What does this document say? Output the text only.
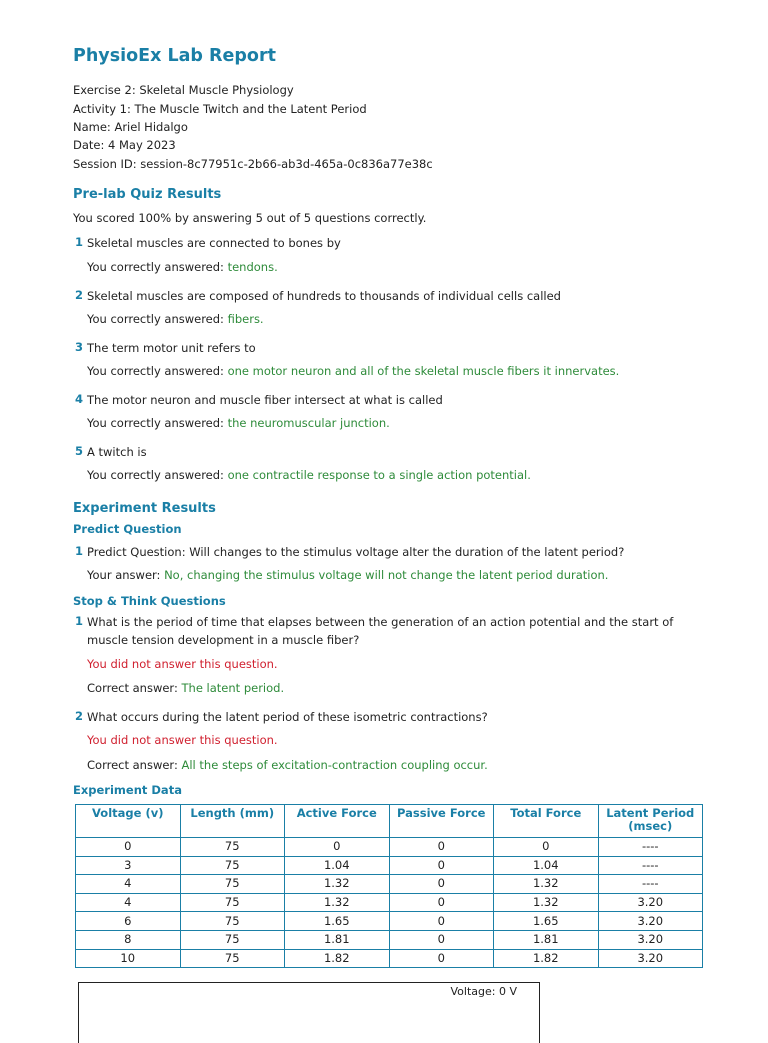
PhysioEx Lab Report
Exercise 2: Skeletal Muscle Physiology
Activity 1: The Muscle Twitch and the Latent Period
Name: Ariel Hidalgo
Date: 4 May 2023
Session ID: session-8c77951c-2b66-ab3d-465a-0c836a77e38c
Pre-lab Quiz Results
You scored 100% by answering 5 out of 5 questions correctly.
1 Skeletal muscles are connected to bones by
You correctly answered: tendons.
2 Skeletal muscles are composed of hundreds to thousands of individual cells called
You correctly answered: fibers.
3 The term motor unit refers to
You correctly answered: one motor neuron and all of the skeletal muscle fibers it innervates.
4 The motor neuron and muscle fiber intersect at what is called
You correctly answered: the neuromuscular junction.
5 A twitch is
You correctly answered: one contractile response to a single action potential.
Experiment Results
Predict Question
1 Predict Question: Will changes to the stimulus voltage alter the duration of the latent period?
Your answer: No, changing the stimulus voltage will not change the latent period duration.
Stop & Think Questions
1 What is the period of time that elapses between the generation of an action potential and the start of muscle tension development in a muscle fiber?
You did not answer this question.
Correct answer: The latent period.
2 What occurs during the latent period of these isometric contractions?
You did not answer this question.
Correct answer: All the steps of excitation-contraction coupling occur.
Experiment Data
Voltage (v)	Length (mm)	Active Force	Passive Force	Total Force	Latent Period (msec)
0	75	0	0	0	----
3	75	1.04	0	1.04	----
4	75	1.32	0	1.32	----
4	75	1.32	0	1.32	3.20
6	75	1.65	0	1.65	3.20
8	75	1.81	0	1.81	3.20
10	75	1.82	0	1.82	3.20
Voltage: 0 V
